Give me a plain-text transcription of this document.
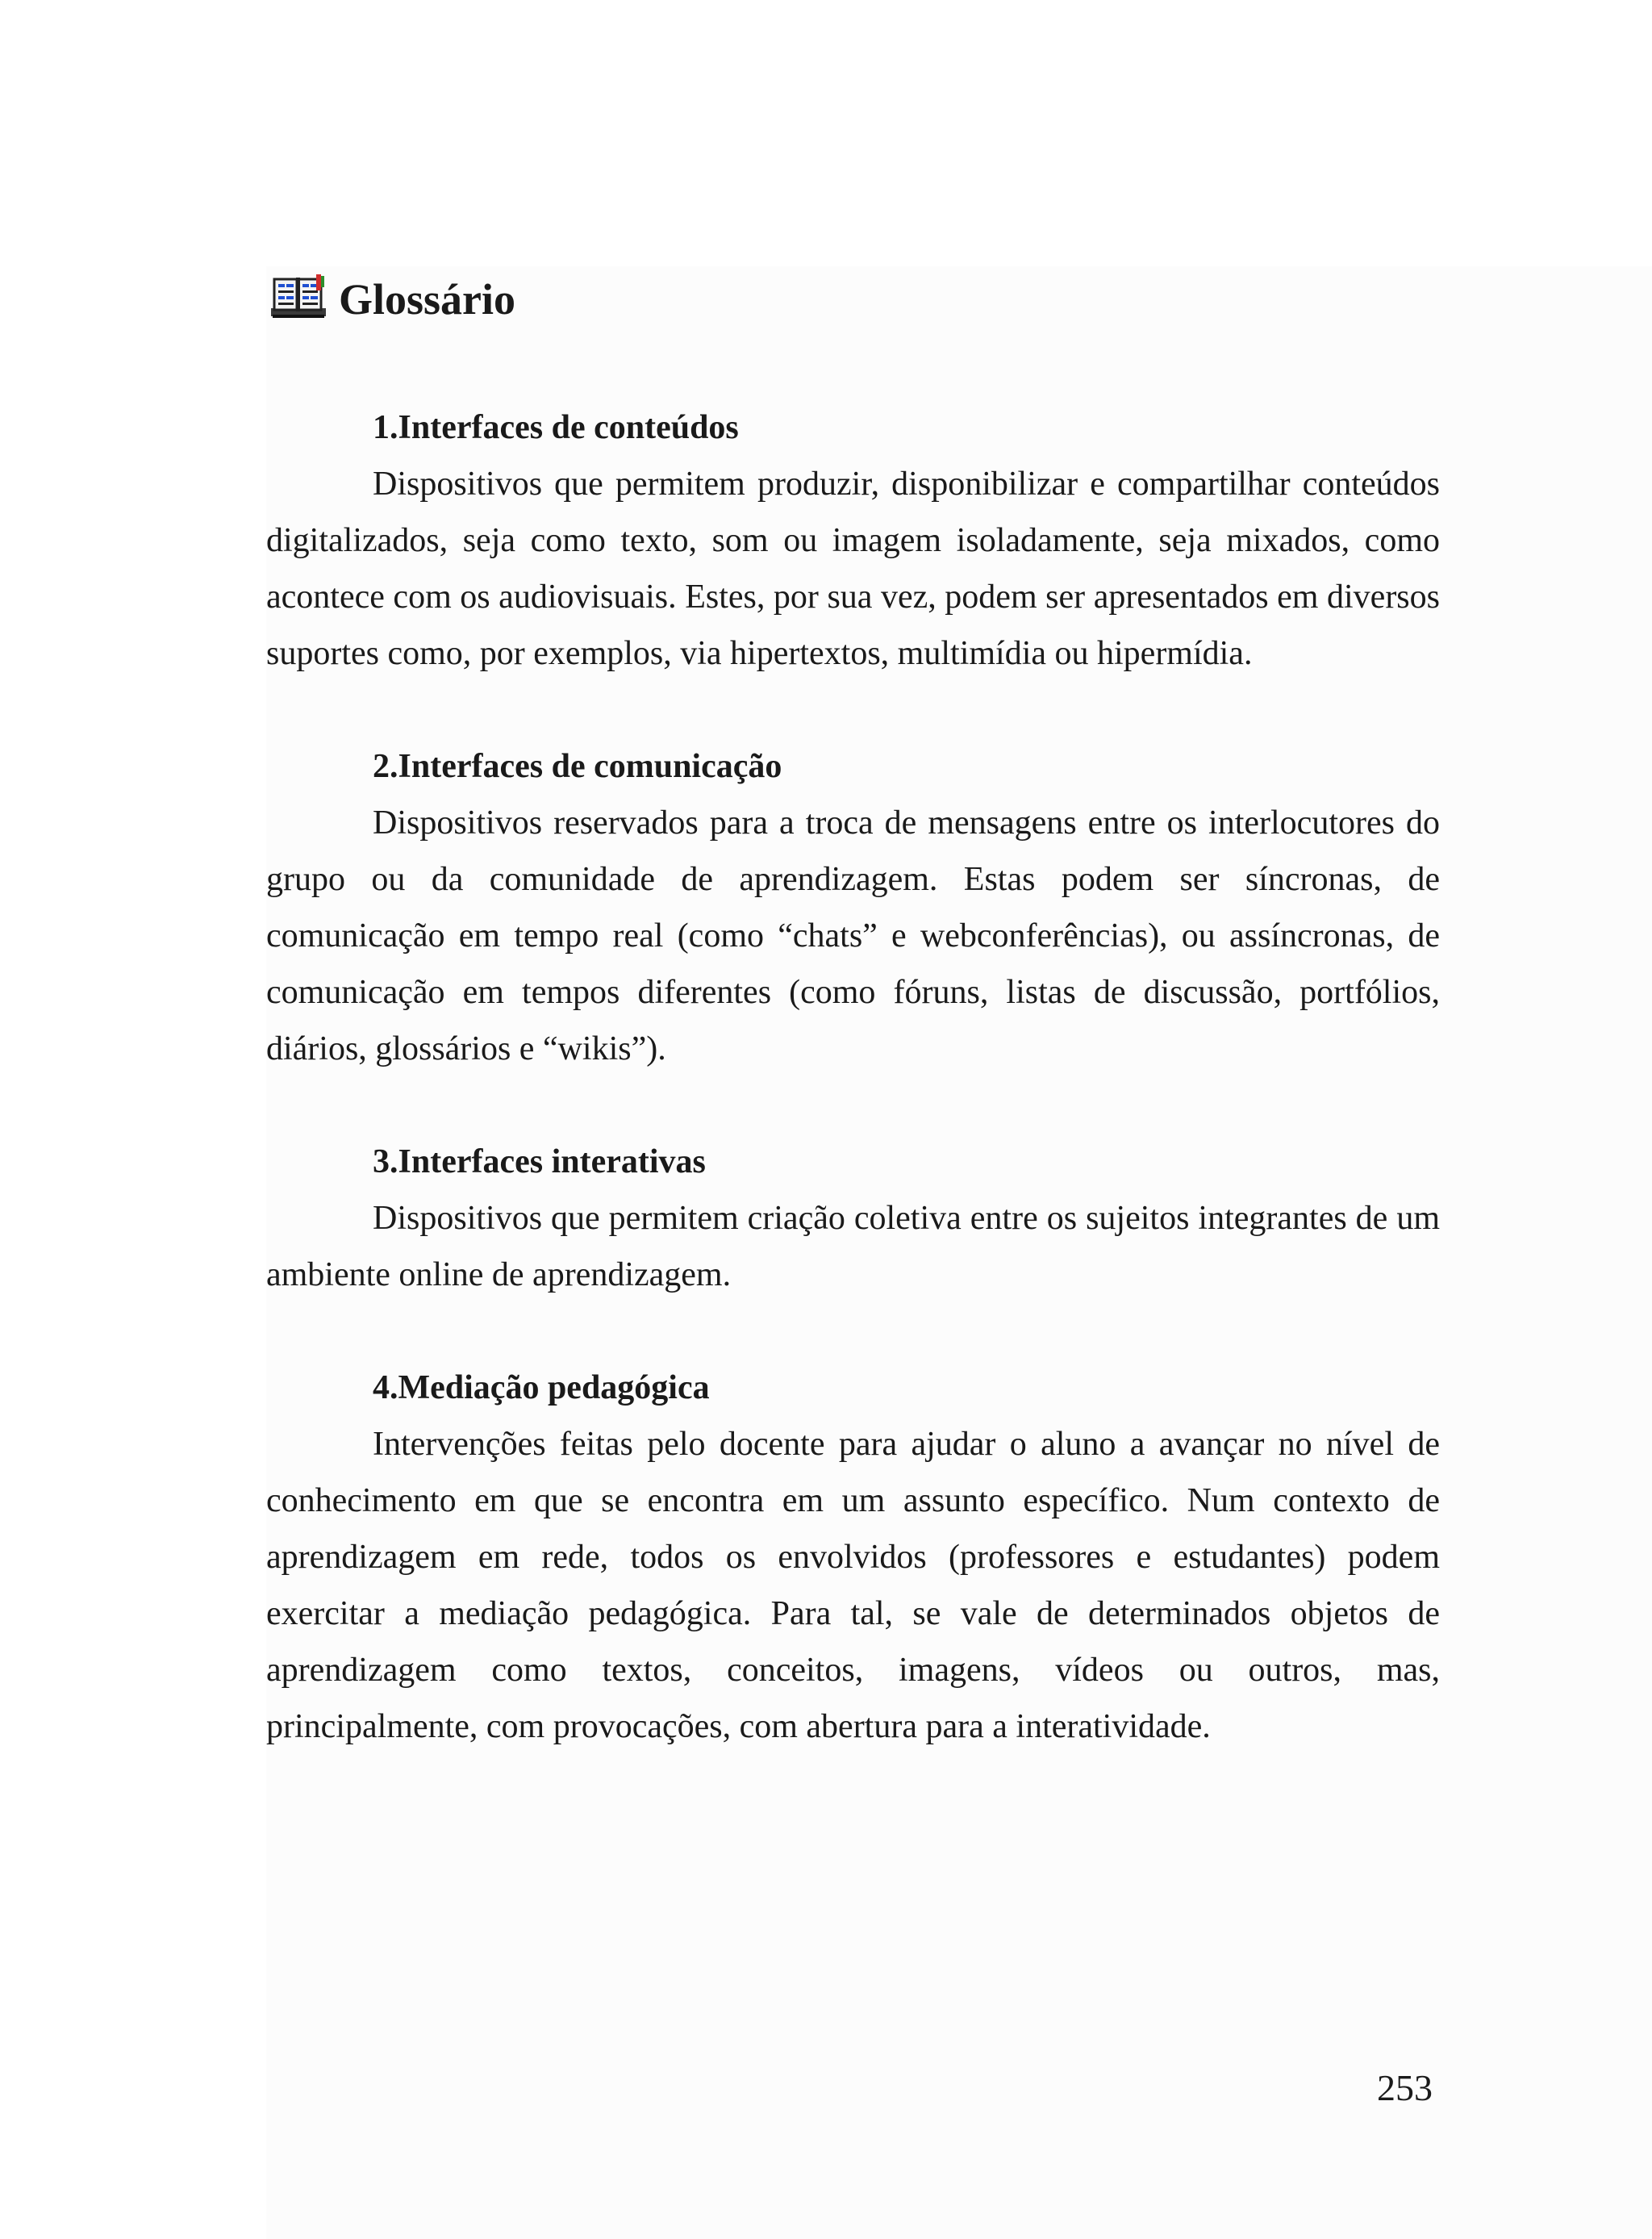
Glossário

1.Interfaces de conteúdos

Dispositivos que permitem produzir, disponibilizar e compartilhar conteúdos digitalizados, seja como texto, som ou imagem isoladamente, seja mixados, como acontece com os audiovisuais. Estes, por sua vez, podem ser apresentados em diversos suportes como, por exemplos, via hipertextos, multimídia ou hipermídia.

2.Interfaces de comunicação

Dispositivos reservados para a troca de mensagens entre os interlocutores do grupo ou da comunidade de aprendizagem. Estas podem ser síncronas, de comunicação em tempo real (como “chats” e webconferências), ou assíncronas, de comunicação em tempos diferentes (como fóruns, listas de discussão, portfólios, diários, glossários e “wikis”).

3.Interfaces interativas

Dispositivos que permitem criação coletiva entre os sujeitos integrantes de um ambiente online de aprendizagem.

4.Mediação pedagógica

Intervenções feitas pelo docente para ajudar o aluno a avançar no nível de conhecimento em que se encontra em um assunto específico. Num contexto de aprendizagem em rede, todos os envolvidos (professores e estudantes) podem exercitar a mediação pedagógica. Para tal, se vale de determinados objetos de aprendizagem como textos, conceitos, imagens, vídeos ou outros, mas, principalmente, com provocações, com abertura para a interatividade.

253
